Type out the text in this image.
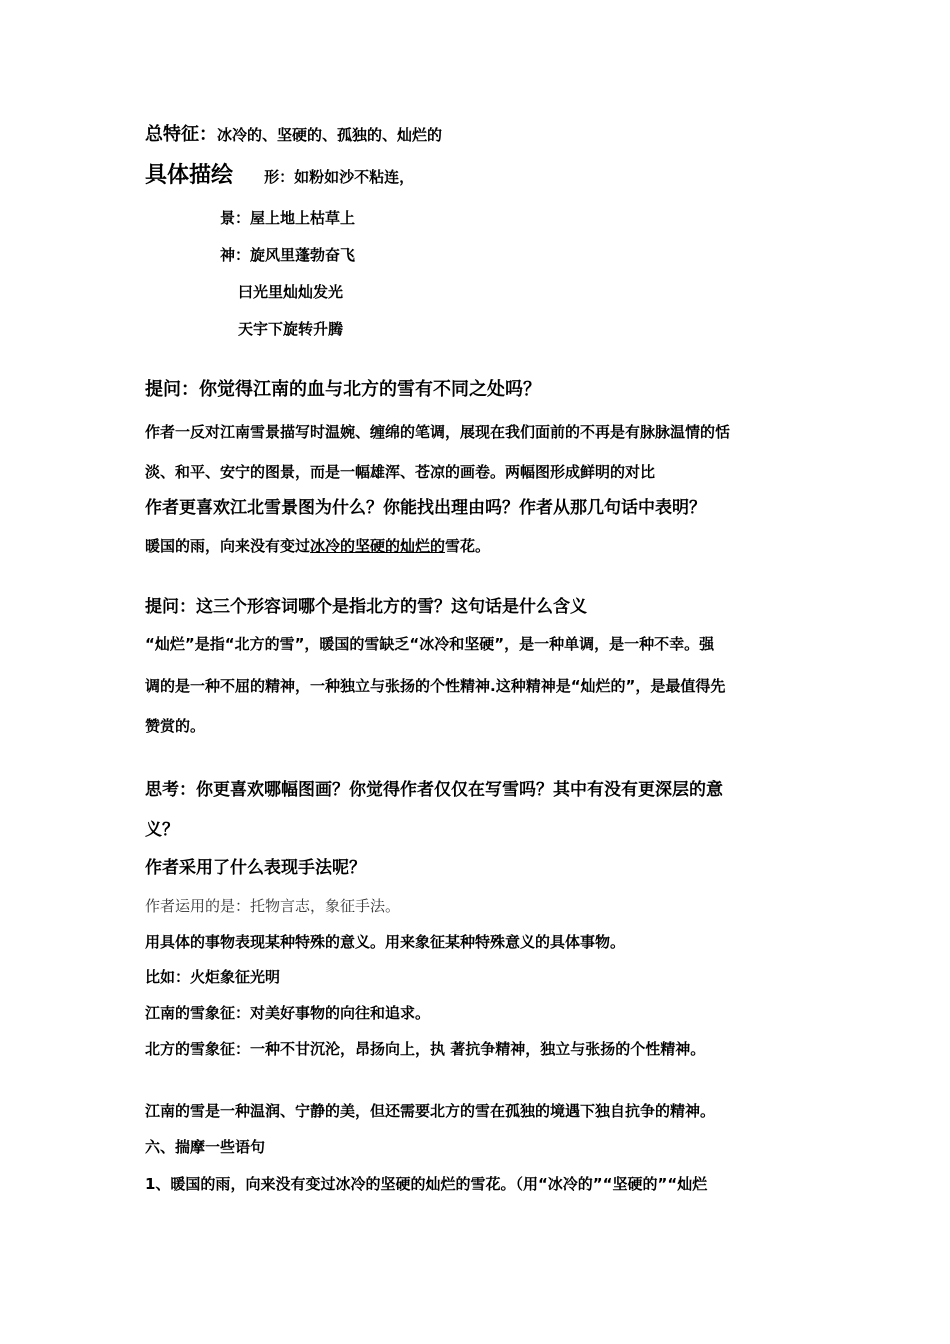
总特征：冰冷的、坚硬的、孤独的、灿烂的
具体描绘 形：如粉如沙不粘连，
景：屋上地上枯草上
神：旋风里蓬勃奋飞
曰光里灿灿发光
天宇下旋转升腾
提问：你觉得江南的血与北方的雪有不同之处吗？
作者一反对江南雪景描写时温婉、缠绵的笔调，展现在我们面前的不再是有脉脉温情的恬
淡、和平、安宁的图景，而是一幅雄浑、苍凉的画卷。两幅图形成鲜明的对比
作者更喜欢江北雪景图为什么？你能找出理由吗？作者从那几句话中表明？
暖国的雨，向来没有变过冰冷的坚硬的灿烂的雪花。
提问：这三个形容词哪个是指北方的雪？这句话是什么含义
“灿烂”是指“北方的雪”，暖国的雪缺乏“冰冷和坚硬”，是一种单调，是一种不幸。强
调的是一种不屈的精神，一种独立与张扬的个性精神.这种精神是“灿烂的”，是最值得先
赞赏的。
思考：你更喜欢哪幅图画？你觉得作者仅仅在写雪吗？其中有没有更深层的意
义？
作者采用了什么表现手法呢？
作者运用的是：托物言志，象征手法。
用具体的事物表现某种特殊的意义。用来象征某种特殊意义的具体事物。
比如：火炬象征光明
江南的雪象征：对美好事物的向往和追求。
北方的雪象征：一种不甘沉沦，昂扬向上，执 著抗争精神，独立与张扬的个性精神。
江南的雪是一种温润、宁静的美，但还需要北方的雪在孤独的境遇下独自抗争的精神。
六、揣摩一些语句
1、暖国的雨，向来没有变过冰冷的坚硬的灿烂的雪花。（用“冰冷的”“坚硬的”“灿烂
